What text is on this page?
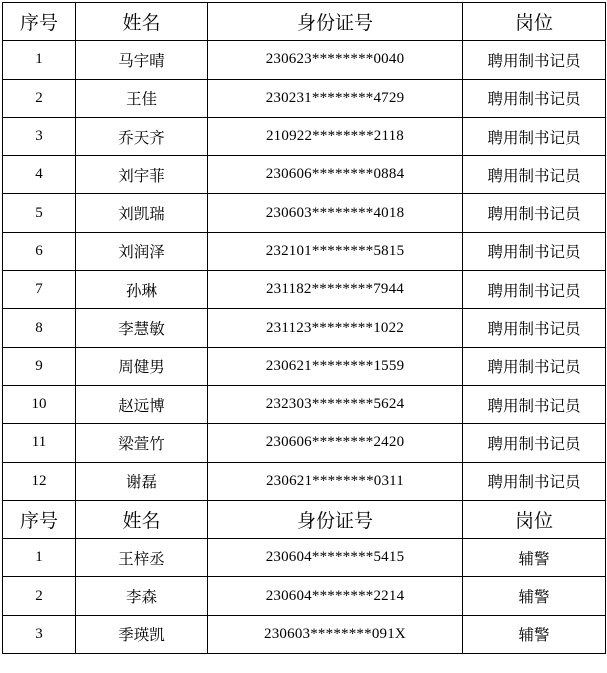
序号	姓名	身份证号	岗位
1	马宇晴	230623********0040	聘用制书记员
2	王佳	230231********4729	聘用制书记员
3	乔天齐	210922********2118	聘用制书记员
4	刘宇菲	230606********0884	聘用制书记员
5	刘凯瑞	230603********4018	聘用制书记员
6	刘润泽	232101********5815	聘用制书记员
7	孙琳	231182********7944	聘用制书记员
8	李慧敏	231123********1022	聘用制书记员
9	周健男	230621********1559	聘用制书记员
10	赵远博	232303********5624	聘用制书记员
11	梁萱竹	230606********2420	聘用制书记员
12	谢磊	230621********0311	聘用制书记员
序号	姓名	身份证号	岗位
1	王梓丞	230604********5415	辅警
2	李森	230604********2214	辅警
3	季瑛凯	230603********091X	辅警
